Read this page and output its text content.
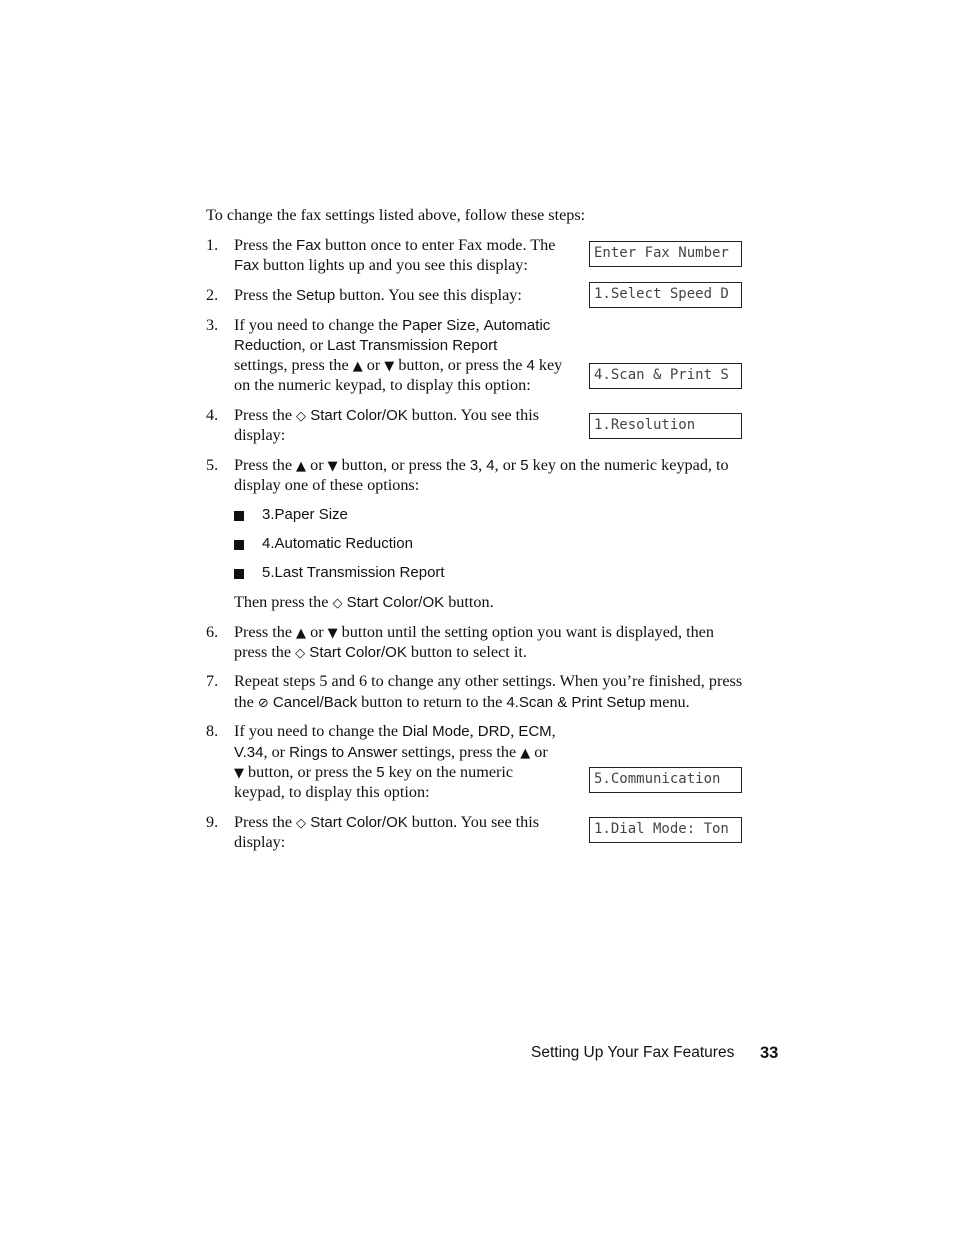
To change the fax settings listed above, follow these steps:
1. Press the Fax button once to enter Fax mode. The
Fax button lights up and you see this display:
Enter Fax Number
2. Press the Setup button. You see this display:	1.Select Speed D
3. If you need to change the Paper Size, Automatic
Reduction, or Last Transmission Report
settings, press the ▲ or ▼ button, or press the 4 key
on the numeric keypad, to display this option:
4.Scan & Print S
4. Press the ◇ Start Color/OK button. You see this
display:
1.Resolution
5. Press the ▲ or ▼ button, or press the 3, 4, or 5 key on the numeric keypad, to
display one of these options:
3.Paper Size
4.Automatic Reduction
5.Last Transmission Report
Then press the ◇ Start Color/OK button.
6. Press the ▲ or ▼ button until the setting option you want is displayed, then
press the ◇ Start Color/OK button to select it.
7. Repeat steps 5 and 6 to change any other settings. When you’re finished, press
the ⊘ Cancel/Back button to return to the 4.Scan & Print Setup menu.
8. If you need to change the Dial Mode, DRD, ECM,
V.34, or Rings to Answer settings, press the ▲ or
▼ button, or press the 5 key on the numeric
keypad, to display this option:
5.Communication
9. Press the ◇ Start Color/OK button. You see this
display:
1.Dial Mode: Ton
Setting Up Your Fax Features 33
